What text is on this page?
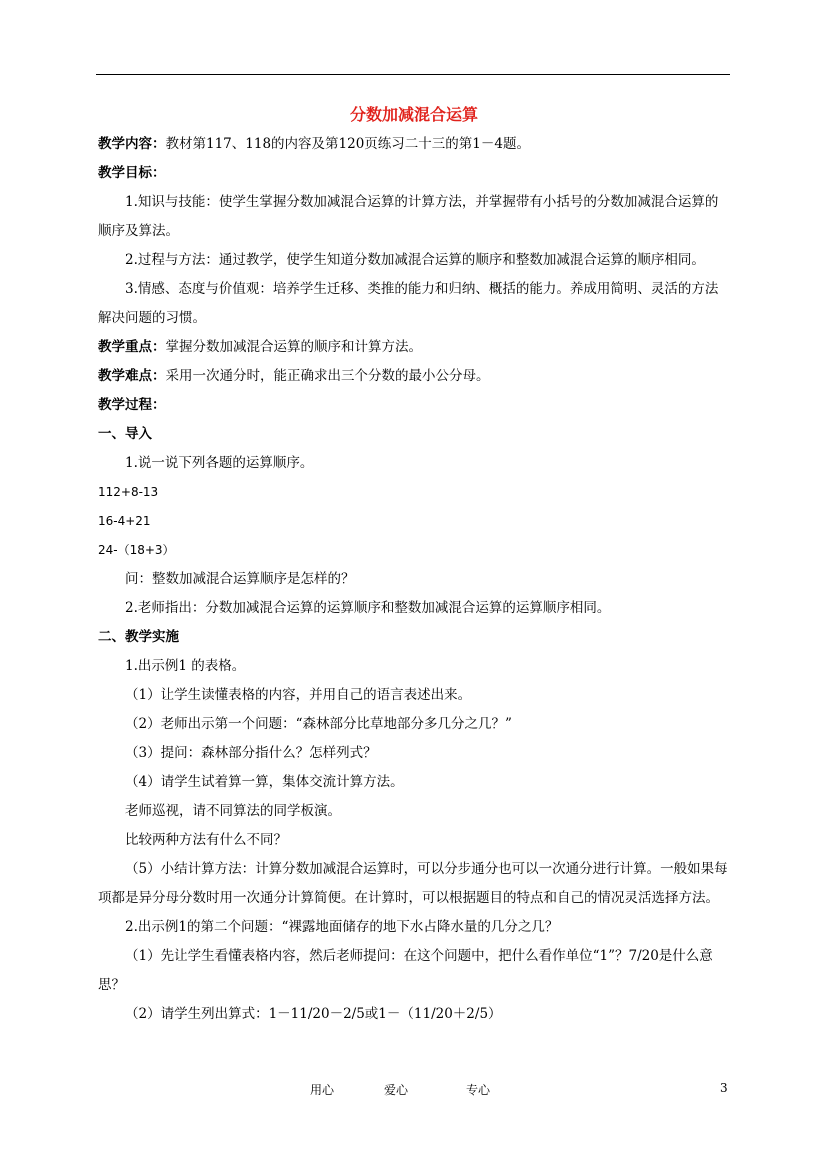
分数加减混合运算
教学内容：教材第117、118的内容及第120页练习二十三的第1－4题。
教学目标：
1.知识与技能：使学生掌握分数加减混合运算的计算方法，并掌握带有小括号的分数加减混合运算的顺序及算法。
2.过程与方法：通过教学，使学生知道分数加减混合运算的顺序和整数加减混合运算的顺序相同。
3.情感、态度与价值观：培养学生迁移、类推的能力和归纳、概括的能力。养成用简明、灵活的方法解决问题的习惯。
教学重点：掌握分数加减混合运算的顺序和计算方法。
教学难点：采用一次通分时，能正确求出三个分数的最小公分母。
教学过程：
一、导入
1.说一说下列各题的运算顺序。
112+8-13
16-4+21
24-（18+3）
问：整数加减混合运算顺序是怎样的？
2.老师指出：分数加减混合运算的运算顺序和整数加减混合运算的运算顺序相同。
二、教学实施
1.出示例1 的表格。
（1）让学生读懂表格的内容，并用自己的语言表述出来。
（2）老师出示第一个问题：“森林部分比草地部分多几分之几？”
（3）提问：森林部分指什么？怎样列式？
（4）请学生试着算一算，集体交流计算方法。
老师巡视，请不同算法的同学板演。
比较两种方法有什么不同？
（5）小结计算方法：计算分数加减混合运算时，可以分步通分也可以一次通分进行计算。一般如果每项都是异分母分数时用一次通分计算简便。在计算时，可以根据题目的特点和自己的情况灵活选择方法。
2.出示例1的第二个问题：“裸露地面储存的地下水占降水量的几分之几？
（1）先让学生看懂表格内容，然后老师提问：在这个问题中，把什么看作单位“1”？7/20是什么意思？
（2）请学生列出算式：1－11/20－2/5或1－（11/20＋2/5）
用心	爱心	专心	3
